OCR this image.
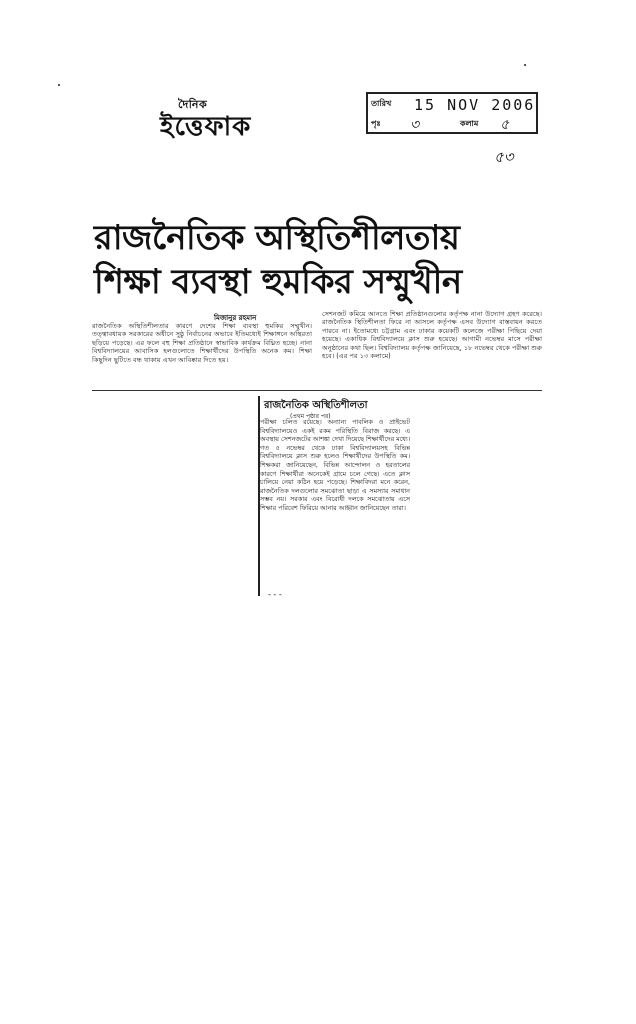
দৈনিক
ইত্তেফাক
তারিখ 15 NOV 2006
পৃঃ ৩	কলাম ৫
৫৩
রাজনৈতিক অস্থিতিশীলতায়
শিক্ষা ব্যবস্থা হুমকির সম্মুখীন
মিজানুর রহমান
রাজনৈতিক অস্থিতিশীলতার কারণে দেশের শিক্ষা ব্যবস্থা হুমকির সম্মুখীন। তত্ত্বাবধায়ক সরকারের অধীনে সুষ্ঠু নির্বাচনের অভাবে ইতিমধ্যেই শিক্ষাঙ্গনে অস্থিরতা ছড়িয়ে পড়েছে। এর ফলে বহু শিক্ষা প্রতিষ্ঠানে স্বাভাবিক কার্যক্রম বিঘ্নিত হচ্ছে। নানা বিশ্ববিদ্যালয়ের আবাসিক হলগুলোতে শিক্ষার্থীদের উপস্থিতি অনেক কম। শিক্ষা কিছুদিন ছুটিতে বন্ধ থাকায় এখন আবিষ্কার দিতে হয়।
সেশনজট কমিয়ে আনতে শিক্ষা প্রতিষ্ঠানগুলোর কর্তৃপক্ষ নানা উদ্যোগ গ্রহণ করেছে। রাজনৈতিক স্থিতিশীলতা ফিরে না আসলে কর্তৃপক্ষ এসব উদ্যোগ বাস্তবায়ন করতে পারবে না। ইতোমধ্যে চট্টগ্রাম এবং ঢাকার কয়েকটি কলেজে পরীক্ষা পিছিয়ে দেয়া হয়েছে। একাধিক বিশ্ববিদ্যালয়ে ক্লাস শুরু হয়েছে। আগামী নভেম্বর মাসে পরীক্ষা অনুষ্ঠানের কথা ছিল। বিশ্ববিদ্যালয় কর্তৃপক্ষ জানিয়েছে, ১৮ নভেম্বর থেকে পরীক্ষা শুরু হবে। (এর পর ১৩ কলামে)
রাজনৈতিক অস্থিতিশীলতা
(প্রথম পৃষ্ঠার পর)
পরীক্ষা চলিত রয়েছে। অন্যান্য পাবলিক ও প্রাইভেট বিশ্ববিদ্যালয়েও একই রকম পরিস্থিতি বিরাজ করছে। এ অবস্থায় সেশনজটের আশঙ্কা দেখা দিয়েছে শিক্ষার্থীদের মধ্যে। গত ৫ নভেম্বর থেকে ঢাকা বিশ্ববিদ্যালয়সহ বিভিন্ন বিশ্ববিদ্যালয়ে ক্লাস শুরু হলেও শিক্ষার্থীদের উপস্থিতি কম। শিক্ষকরা জানিয়েছেন, বিভিন্ন আন্দোলন ও হরতালের কারণে শিক্ষার্থীরা অনেকেই গ্রামে চলে গেছে। এতে ক্লাস চালিয়ে নেয়া কঠিন হয়ে পড়েছে। শিক্ষাবিদরা মনে করেন, রাজনৈতিক দলগুলোর সমঝোতা ছাড়া এ সমস্যার সমাধান সম্ভব নয়। সরকার এবং বিরোধী দলকে সমঝোতায় এসে শিক্ষার পরিবেশ ফিরিয়ে আনার আহ্বান জানিয়েছেন তারা।
- - -
